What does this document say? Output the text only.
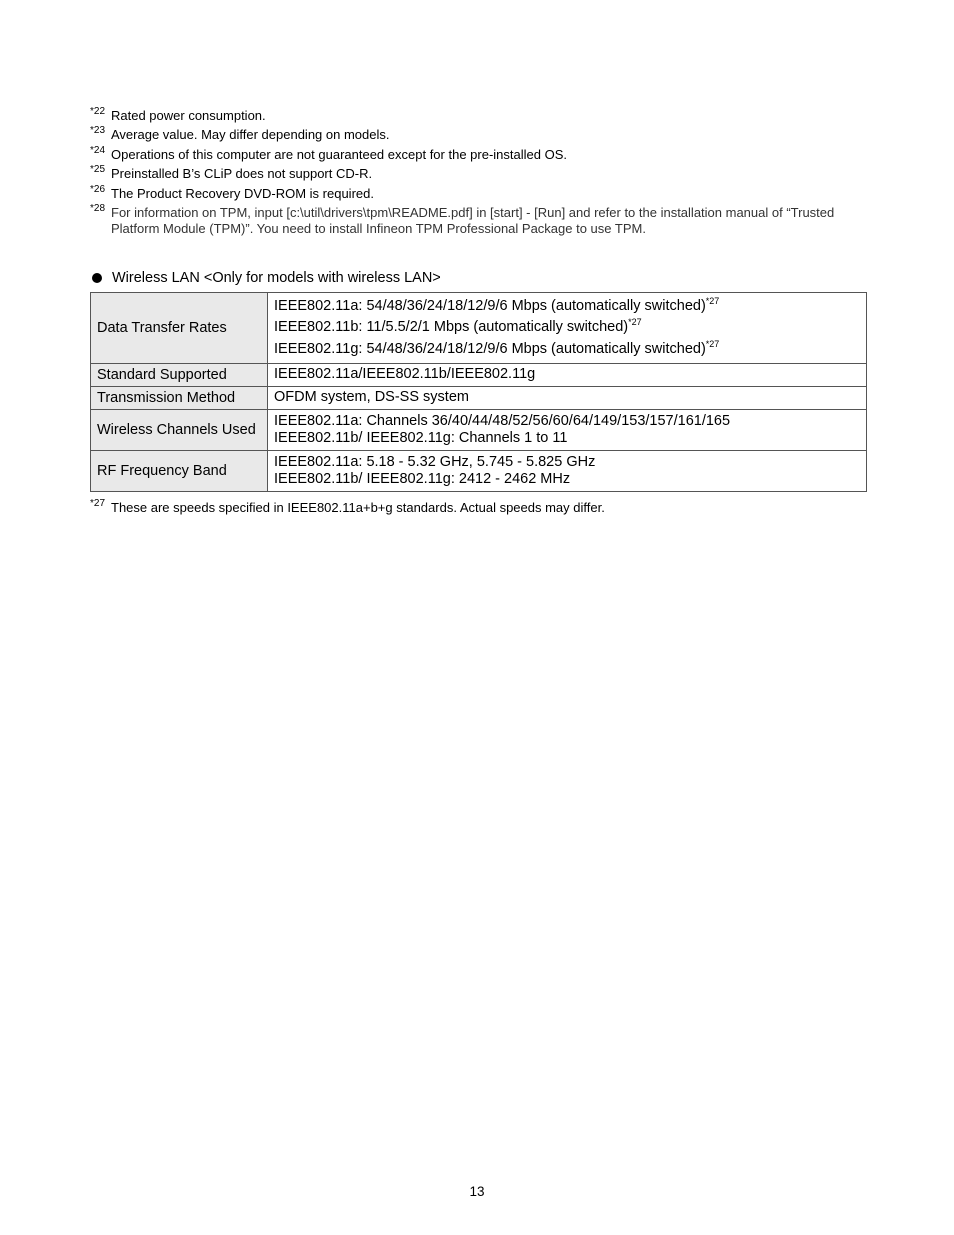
*22 Rated power consumption.
*23 Average value. May differ depending on models.
*24 Operations of this computer are not guaranteed except for the pre-installed OS.
*25 Preinstalled B’s CLiP does not support CD-R.
*26 The Product Recovery DVD-ROM is required.
*28 For information on TPM, input [c:\util\drivers\tpm\README.pdf] in [start] - [Run] and refer to the installation manual of “Trusted Platform Module (TPM)”. You need to install Infineon TPM Professional Package to use TPM.
Wireless LAN <Only for models with wireless LAN>
Data Transfer Rates	IEEE802.11a: 54/48/36/24/18/12/9/6 Mbps (automatically switched)$^{*27}$
IEEE802.11b: 11/5.5/2/1 Mbps (automatically switched)$^{*27}$
IEEE802.11g: 54/48/36/24/18/12/9/6 Mbps (automatically switched)$^{*27}$

Standard Supported	IEEE802.11a/IEEE802.11b/IEEE802.11g

Transmission Method	OFDM system, DS-SS system

Wireless Channels Used	IEEE802.11a: Channels 36/40/44/48/52/56/60/64/149/153/157/161/165
IEEE802.11b/ IEEE802.11g: Channels 1 to 11

RF Frequency Band	IEEE802.11a: 5.18 - 5.32 GHz, 5.745 - 5.825 GHz
IEEE802.11b/ IEEE802.11g: 2412 - 2462 MHz
*27 These are speeds specified in IEEE802.11a+b+g standards. Actual speeds may differ.
13
